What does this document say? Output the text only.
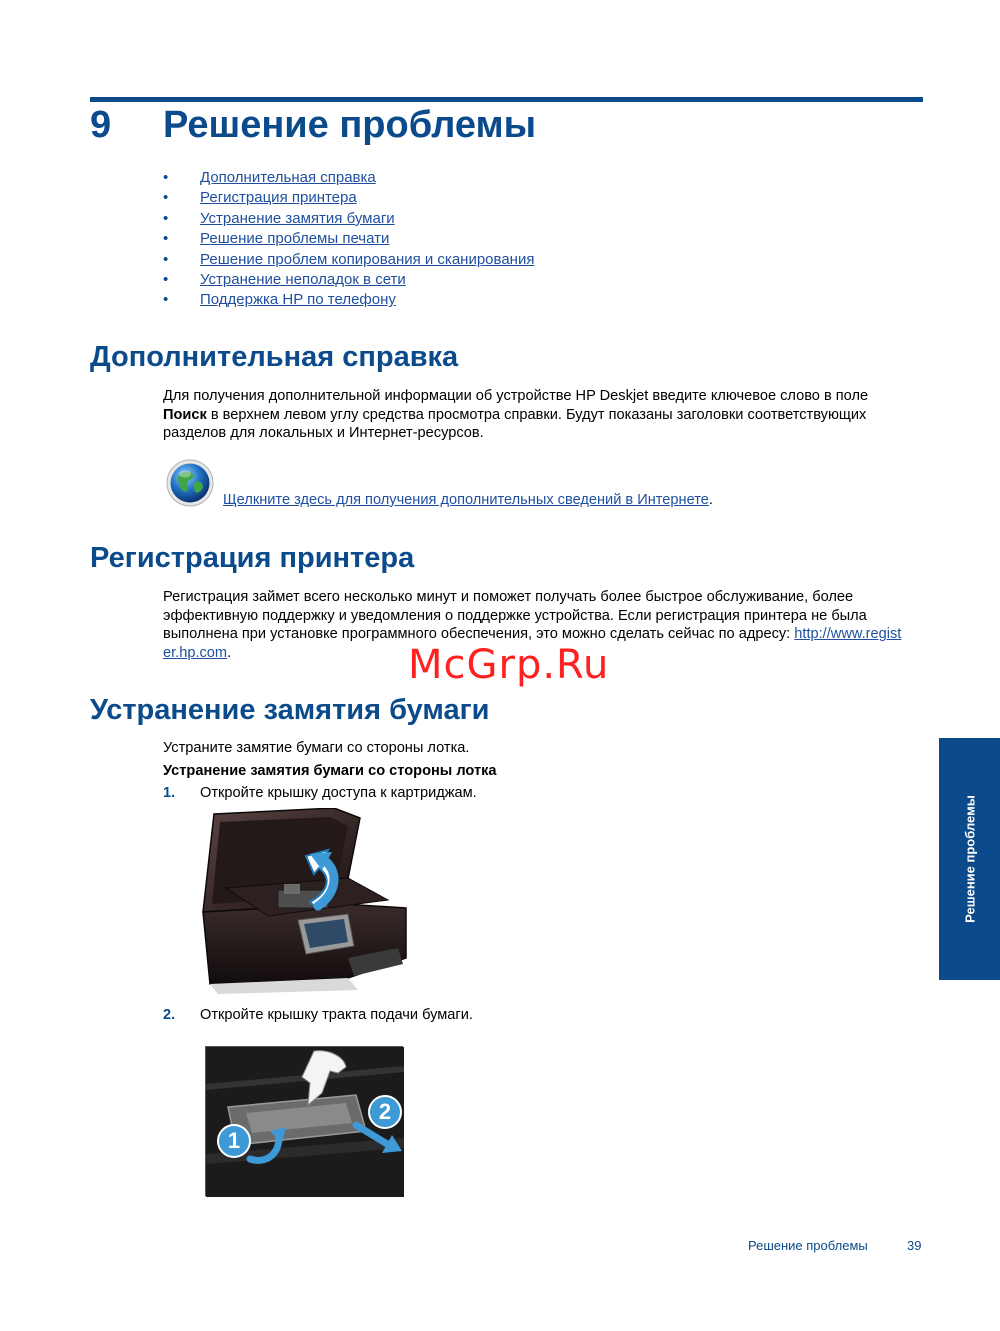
9 Решение проблемы
• Дополнительная справка
• Регистрация принтера
• Устранение замятия бумаги
• Решение проблемы печати
• Решение проблем копирования и сканирования
• Устранение неполадок в сети
• Поддержка HP по телефону
Дополнительная справка
Для получения дополнительной информации об устройстве HP Deskjet введите ключевое слово в поле Поиск в верхнем левом углу средства просмотра справки. Будут показаны заголовки соответствующих разделов для локальных и Интернет-ресурсов.
Щелкните здесь для получения дополнительных сведений в Интернете.
Регистрация принтера
Регистрация займет всего несколько минут и поможет получать более быстрое обслуживание, более эффективную поддержку и уведомления о поддержке устройства. Если регистрация принтера не была выполнена при установке программного обеспечения, это можно сделать сейчас по адресу: http://www.register.hp.com.	McGrp.Ru
Устранение замятия бумаги
Устраните замятие бумаги со стороны лотка.
Устранение замятия бумаги со стороны лотка
1. Откройте крышку доступа к картриджам.
2. Откройте крышку тракта подачи бумаги.
1
2
Решение проблемы
Решение проблемы	39
